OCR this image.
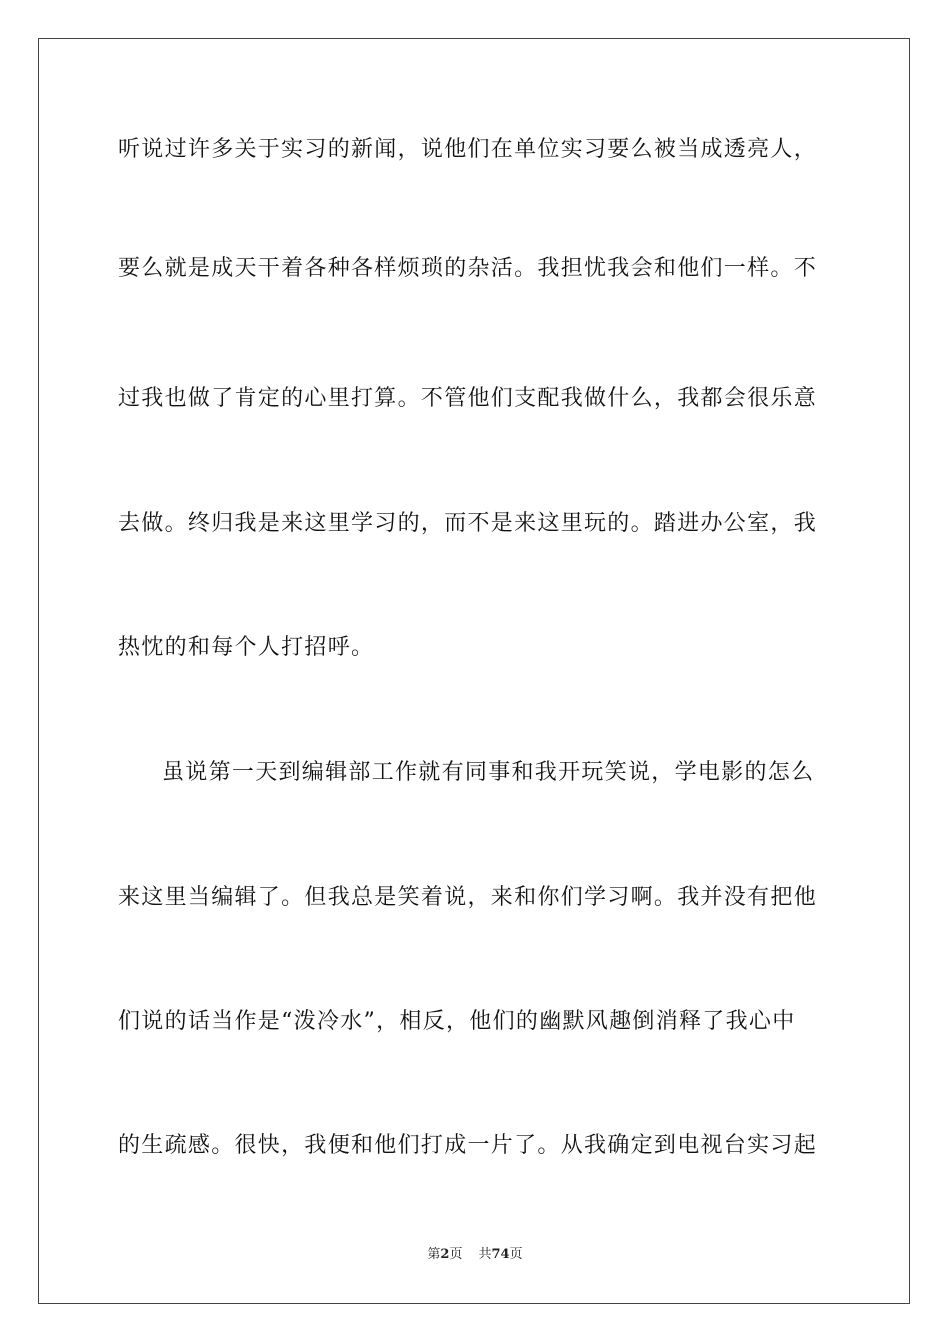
听说过许多关于实习的新闻，说他们在单位实习要么被当成透亮人，
要么就是成天干着各种各样烦琐的杂活。我担忧我会和他们一样。不
过我也做了肯定的心里打算。不管他们支配我做什么，我都会很乐意
去做。终归我是来这里学习的，而不是来这里玩的。踏进办公室，我
热忱的和每个人打招呼。
虽说第一天到编辑部工作就有同事和我开玩笑说，学电影的怎么
来这里当编辑了。但我总是笑着说，来和你们学习啊。我并没有把他
们说的话当作是“泼冷水”，相反，他们的幽默风趣倒消释了我心中
的生疏感。很快，我便和他们打成一片了。从我确定到电视台实习起
第2页 共74页
